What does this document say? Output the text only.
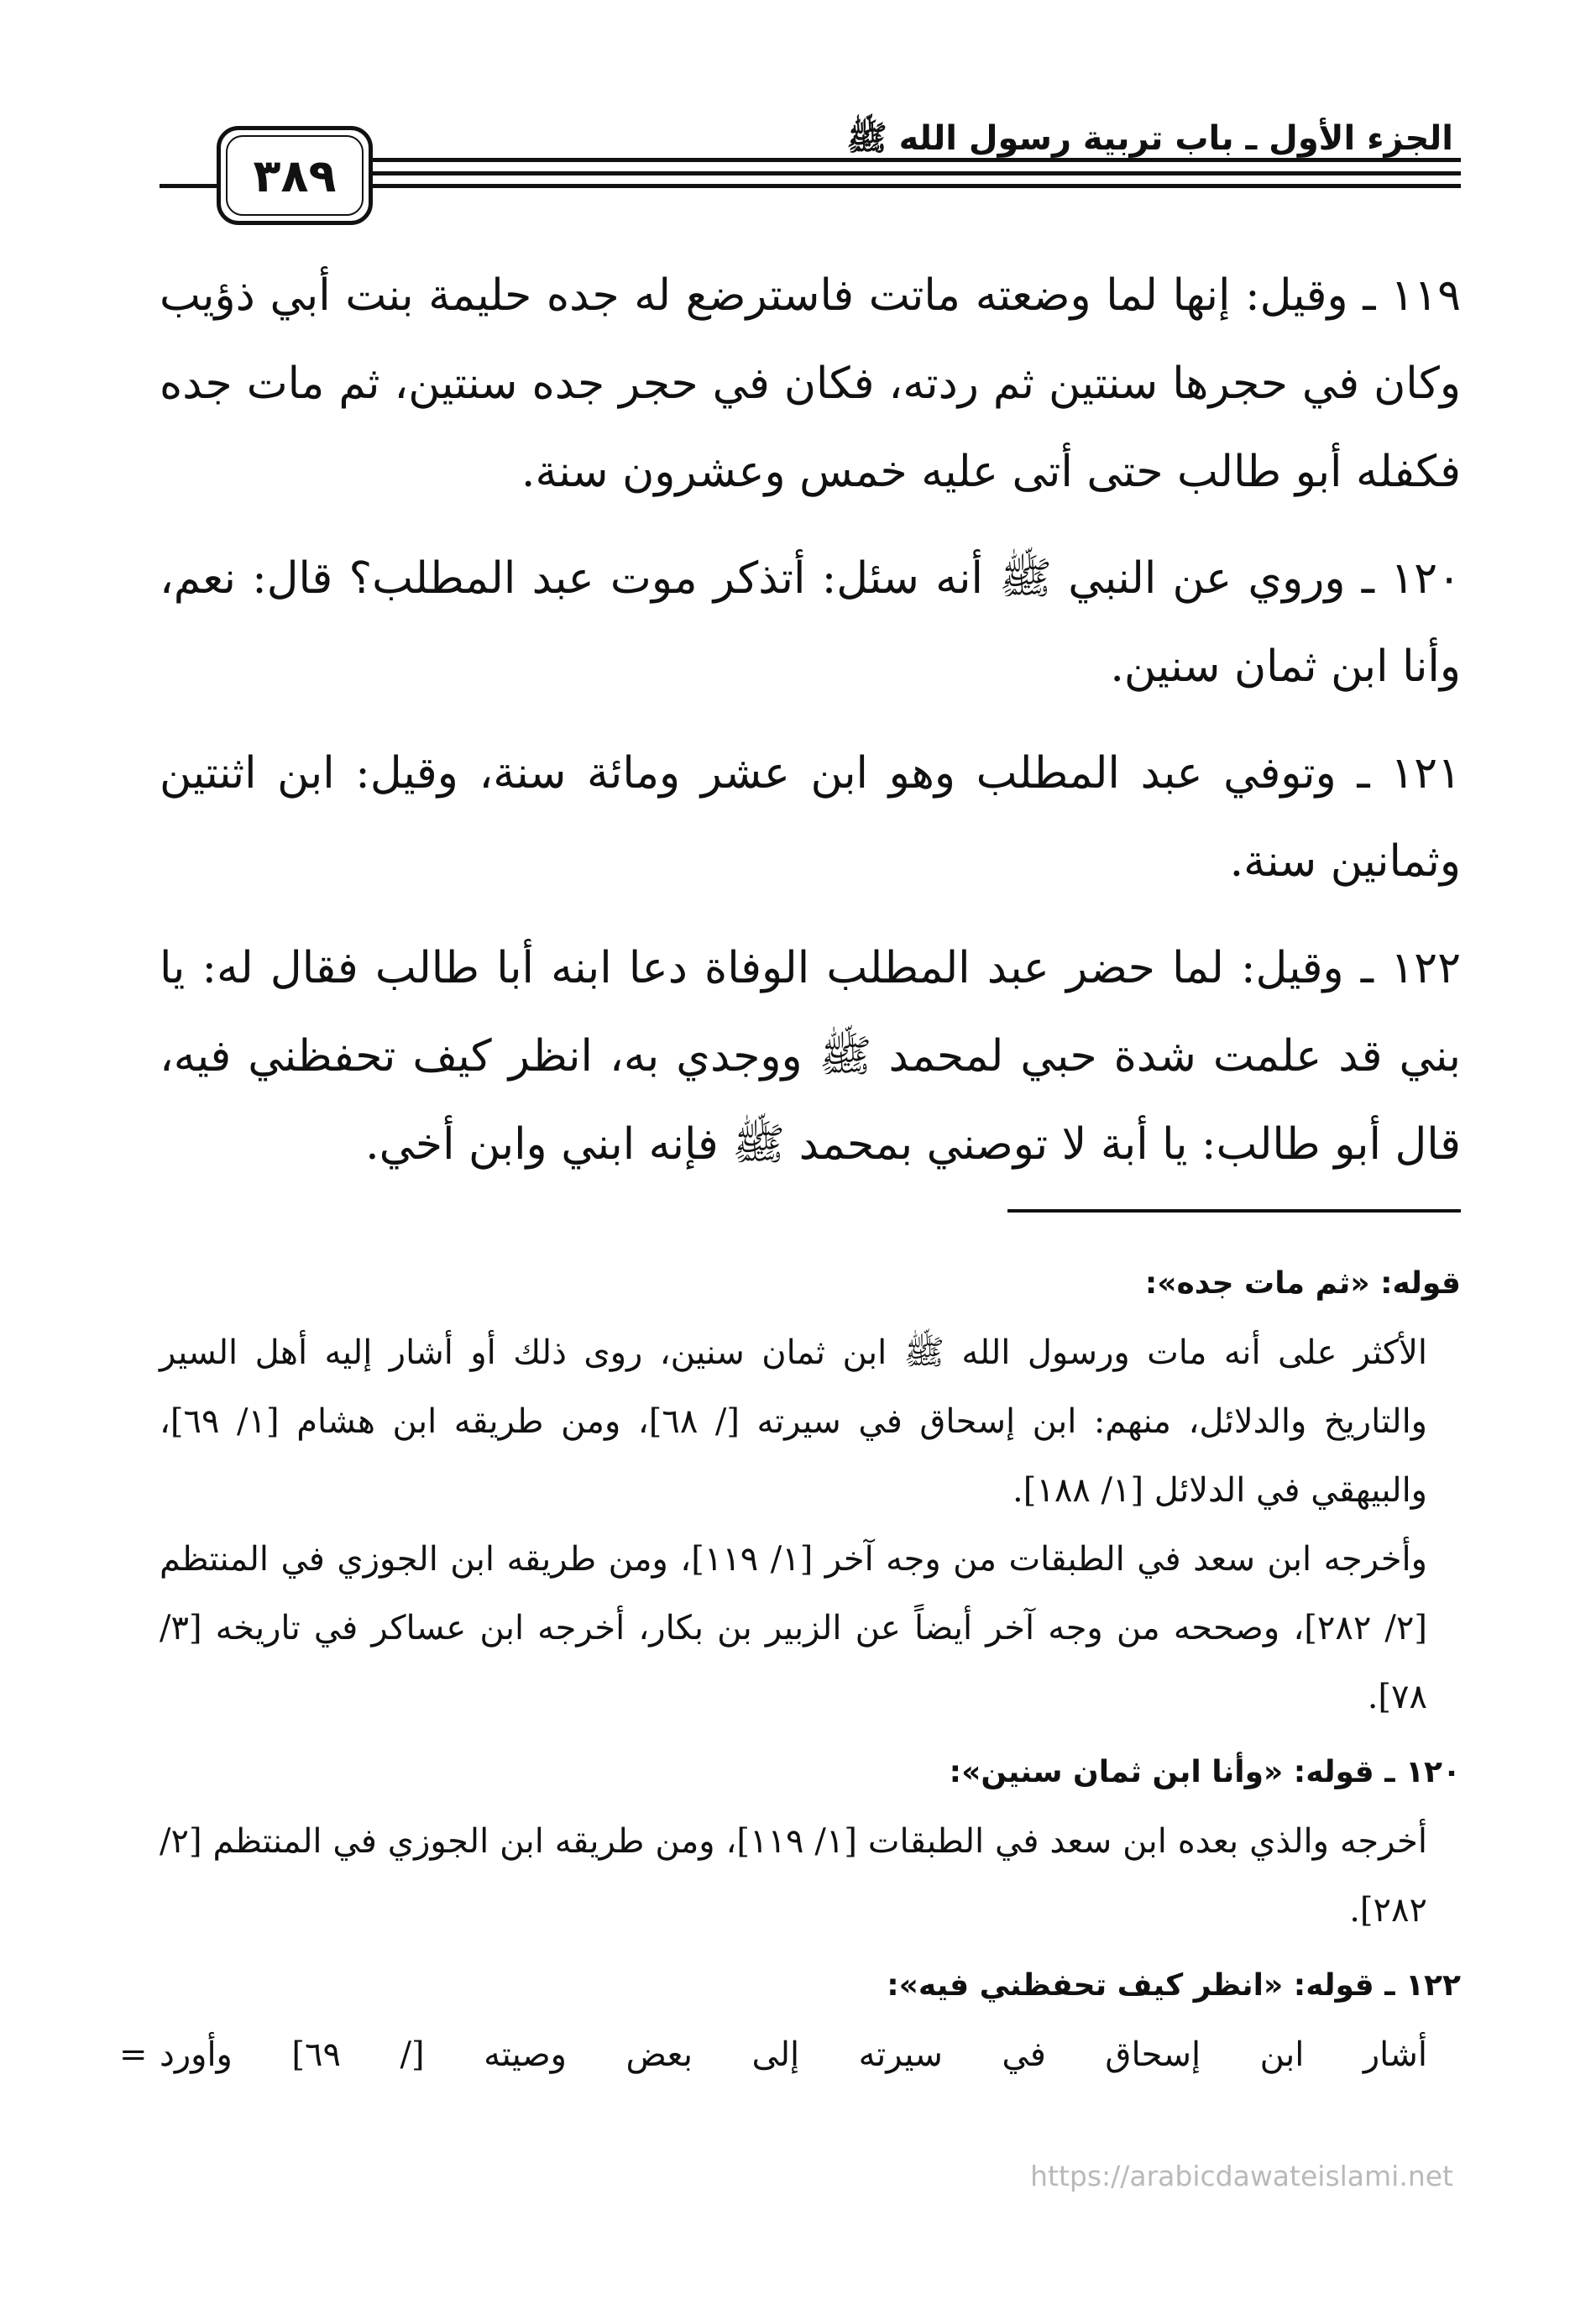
الجزء الأول ـ باب تربية رسول الله ﷺ
٣٨٩

١١٩ ـ وقيل: إنها لما وضعته ماتت فاسترضع له جده حليمة بنت أبي ذؤيب وكان في حجرها سنتين ثم ردته، فكان في حجر جده سنتين، ثم مات جده فكفله أبو طالب حتى أتى عليه خمس وعشرون سنة.

١٢٠ ـ وروي عن النبي ﷺ أنه سئل: أتذكر موت عبد المطلب؟ قال: نعم، وأنا ابن ثمان سنين.

١٢١ ـ وتوفي عبد المطلب وهو ابن عشر ومائة سنة، وقيل: ابن اثنتين وثمانين سنة.

١٢٢ ـ وقيل: لما حضر عبد المطلب الوفاة دعا ابنه أبا طالب فقال له: يا بني قد علمت شدة حبي لمحمد ﷺ ووجدي به، انظر كيف تحفظني فيه، قال أبو طالب: يا أبة لا توصني بمحمد ﷺ فإنه ابني وابن أخي.

قوله: «ثم مات جده»:
الأكثر على أنه مات ورسول الله ﷺ ابن ثمان سنين، روى ذلك أو أشار إليه أهل السير والتاريخ والدلائل، منهم: ابن إسحاق في سيرته [/ ٦٨]، ومن طريقه ابن هشام [١/ ٦٩]، والبيهقي في الدلائل [١/ ١٨٨].
وأخرجه ابن سعد في الطبقات من وجه آخر [١/ ١١٩]، ومن طريقه ابن الجوزي في المنتظم [٢/ ٢٨٢]، وصححه من وجه آخر أيضاً عن الزبير بن بكار، أخرجه ابن عساكر في تاريخه [٣/ ٧٨].
١٢٠ ـ قوله: «وأنا ابن ثمان سنين»:
أخرجه والذي بعده ابن سعد في الطبقات [١/ ١١٩]، ومن طريقه ابن الجوزي في المنتظم [٢/ ٢٨٢].
١٢٢ ـ قوله: «انظر كيف تحفظني فيه»:
أشار ابن إسحاق في سيرته إلى بعض وصيته [/ ٦٩] وأورد
=
https://arabicdawateislami.net
